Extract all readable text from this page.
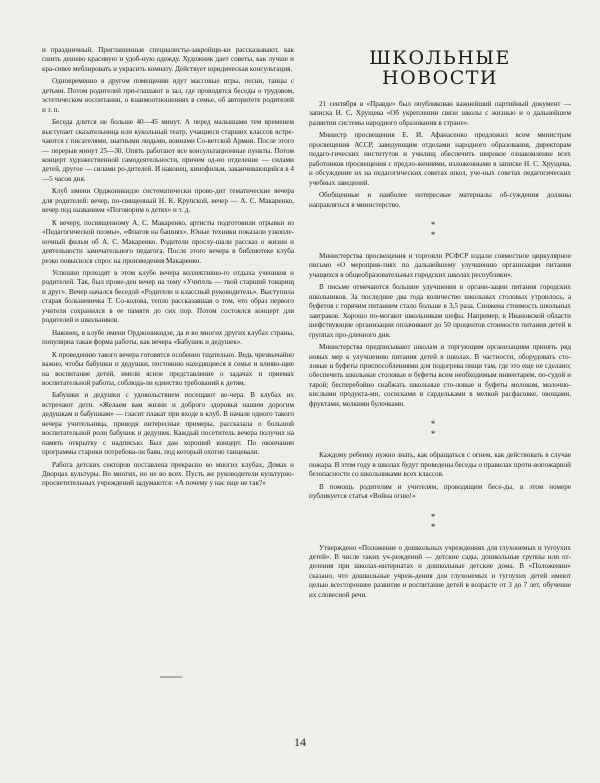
и праздничный. Приглашенные специалисты-закройщи-ки рассказывают, как сшить дешево красивую и удоб-ную одежду. Художник дает советы, как лучше и кра-сивее меблировать и украсить комнату. Действует юридическая консультация.

Одновременно в другом помещении идут массовые игры, песни, танцы с детьми. Потом родителей при-глашают в зал, где проводятся беседы о трудовом, эстетическом воспитании, о взаимоотношениях в семье, об авторитете родителей и т. п.

Беседа длится не больше 40—45 минут. А перед малышами тем временем выступает сказательница или кукольный театр, учащиеся старших классов встре-чаются с писателями, знатными людьми, воинами Со-ветской Армии. После этого — перерыв минут 25—30. Опять работают все консультационные пункты. Потом концерт художественной самодеятельности, причем од-но отделение — силами детей, другое — силами ро-дителей. И наконец, кинофильм, заканчивающийся в 4—5 часов дня.

Клуб имени Орджоникидзе систематически прово-дит тематические вечера для родителей: вечер, по-священный Н. К. Крупской, вечер — А. С. Макаренко, вечер под названием «Поговорим о детях» и т. д.

К вечеру, посвященному А. С. Макаренко, артисты подготовили отрывки из «Педагогической поэмы», «Флагов на башнях». Юные техники показали узкопле-ночный фильм об А. С. Макаренко. Родители прослу-шали рассказ о жизни и деятельности замечательного педагога. После этого вечера в библиотеке клуба резко повысился спрос на произведения Макаренко.

Успешно проходят в этом клубе вечера коллективно-го отдыха учеников и родителей. Так, был прове-ден вечер на тему «Учитель — твой старший товарищ и друг». Вечер начался беседой «Родители и классный руководитель». Выступила старая большевичка Т. Со-колова, тепло рассказавшая о том, что образ первого учителя сохранился в ее памяти до сих пор. Потом состоялся концерт для родителей и школьников.

Наконец, в клубе имени Орджоникидзе, да и во многих других клубах страны, популярна такая форма работы, как вечера «Бабушек и дедушек».

К проведению такого вечера готовятся особенно тщательно. Ведь чрезвычайно важно, чтобы бабушки и дедушки, постоянно находящиеся в семье и влияю-щие на воспитание детей, имели ясное представление о задачах и приемах воспитательной работы, соблюда-ли единство требований к детям.

Бабушки и дедушки с удовольствием посещают ве-чера. В клубах их встречают дети. «Желаем вам жизни и доброго здоровья нашим дорогим дедушкам и бабушкам» — гласит плакат при входе в клуб. В начале одного такого вечера учительница, приводя интересные примеры, рассказала о большой воспитательной роли бабушек и дедушек. Каждый посетитель вечера получил на память открытку с надписью. Был дан хороший концерт. По окончании программы старики потребова-ли баян, под который охотно танцевали.

Работа детских секторов поставлена прекрасно во многих клубах, Домах и Дворцах культуры. Во многих, но не во всех. Пусть же руководители культурно-просветительных учреждений задумаются: «А почему у нас еще не так?»

ШКОЛЬНЫЕ НОВОСТИ

21 сентября в «Правде» был опубликован важнейший партийный документ — записка Н. С. Хрущева «Об укреплении связи школы с жизнью и о дальнейшем развитии системы народного образования в стране».

Министр просвещения Е. И. Афанасенко предложил всем министрам просвещения АССР, заведующим отделами народного образования, директорам педаго-гических институтов и училищ обеспечить широкое ознакомление всех работников просвещения с предло-жениями, изложенными в записке Н. С. Хрущева, и обсуждение их на педагогических советах школ, уче-ных советах педагогических учебных заведений.

Обобщенные и наиболее интересные материалы об-суждения должны направляться в министерство.

*
*

Министерства просвещения и торговли РСФСР издали совместное циркулярное письмо «О мероприя-тиях по дальнейшему улучшению организации питания учащихся в общеобразовательных городских школах республики».

В письме отмечаются большие улучшения в органи-зации питания городских школьников. За последние два года количество школьных столовых утроилось, а буфетов с горячим питанием стало больше в 3,5 раза. Снижена стоимость школьных завтраков. Хорошо по-могают школьникам шефы. Например, в Ивановской области шефствующие организации оплачивают до 50 процентов стоимости питания детей в группах про-дленного дня.

Министерства предписывают школам и торгующим организациям принять ряд новых мер к улучшению питания детей в школах. В частности, оборудовать сто-ловые и буфеты приспособлениями для подогрева пищи там, где это еще не сделано; обеспечить школьные столовые и буфеты всем необходимым инвентарем, по-судой и тарой; бесперебойно снабжать школьные сто-ловые и буфеты молоком, молочно-кислыми продукта-ми, сосисками и сардельками в мелкой расфасовке, овощами, фруктами, мелкими булочками.

*
*

Каждому ребенку нужно знать, как обращаться с огнем, как действовать в случае пожара. В этом году в школах будут проведены беседы о правилах проти-вопожарной безопасности со школьниками всех классов.

В помощь родителям и учителям, проводящим бесе-ды, в этом номере публикуется статья «Война огню!»

*
*

Утверждено «Положение о дошкольных учреждениях для глухонемых и тугоухих детей». В числе таких уч-реждений — детские сады, дошкольные группы или от-деления при школах-интернатах и дошкольные детские дома. В «Положении» сказано, что дошкольные учреж-дения для глухонемых и тугоухих детей имеют целью всестороннее развитие и воспитание детей в возрасте от 3 до 7 лет, обучение их словесной речи.

14
